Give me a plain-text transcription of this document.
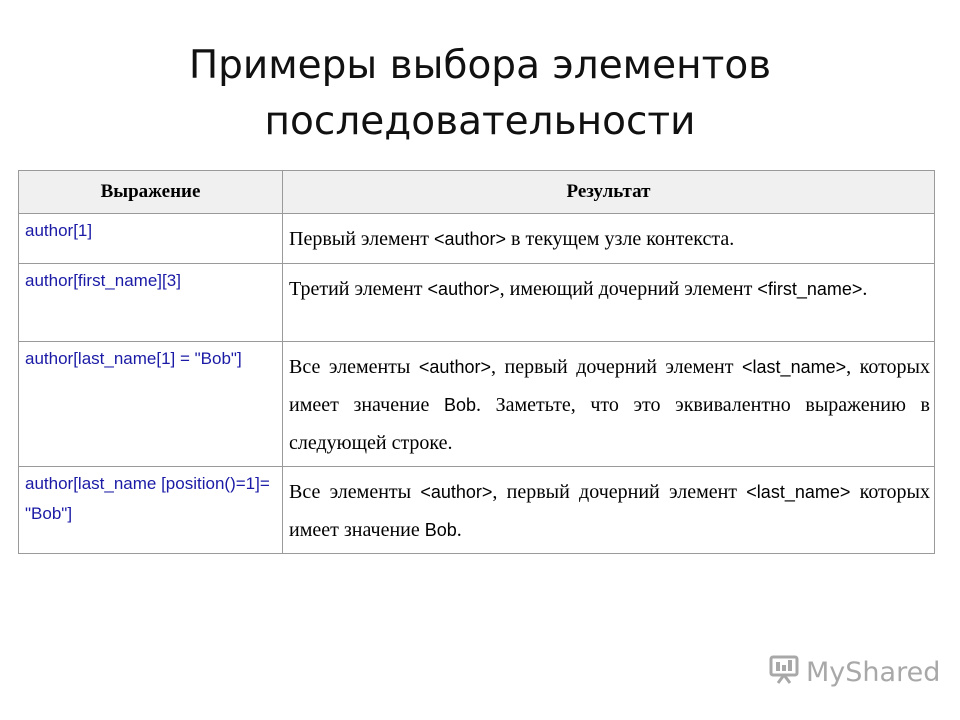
Примеры выбора элементов
последовательности
Выражение	Результат
author[1]	Первый элемент <author> в текущем узле контекста.
author[first_name][3]	Третий элемент <author>, имеющий дочерний элемент <first_name>.
author[last_name[1] = "Bob"]	Все элементы <author>, первый дочерний элемент <last_name>, которых имеет значение Bob. Заметьте, что это эквивалентно выражению в следующей строке.
author[last_name [position()=1]= "Bob"]	Все элементы <author>, первый дочерний элемент <last_name> которых имеет значение Bob.
MyShared
